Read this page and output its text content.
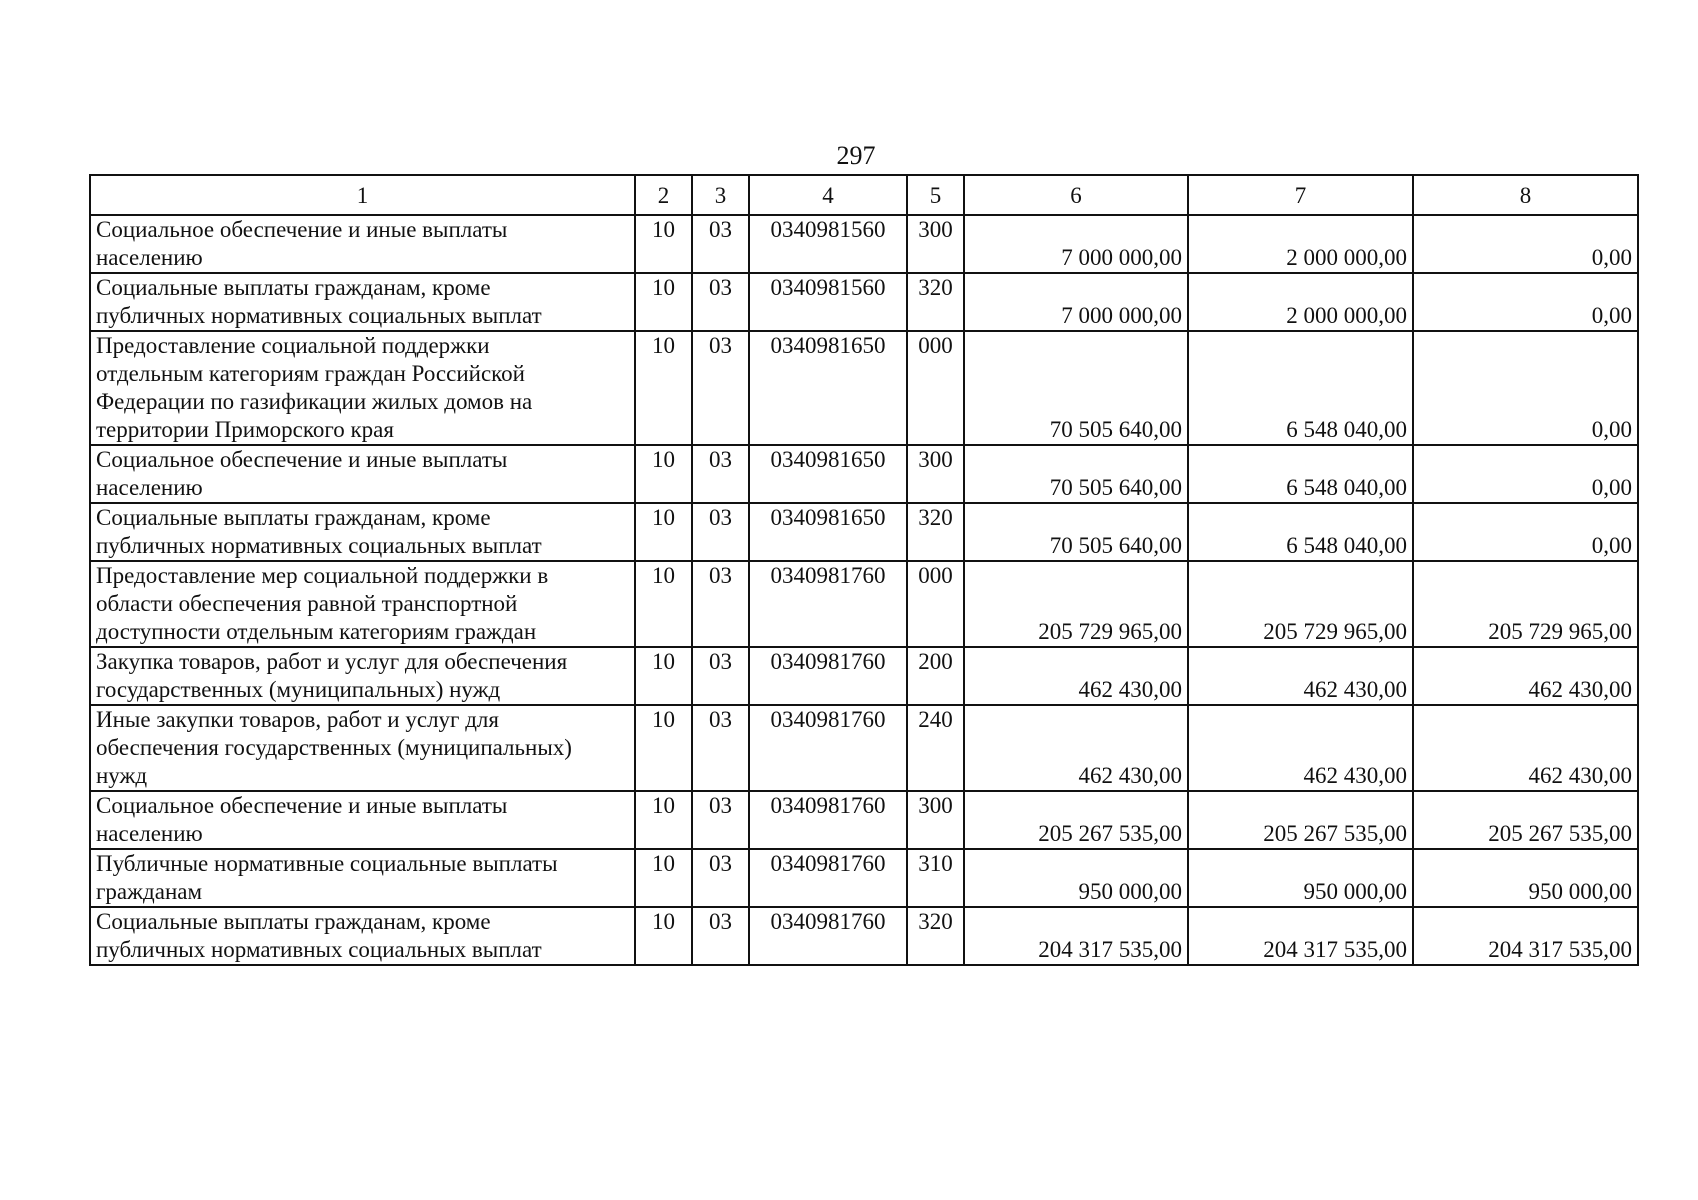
297
1	2	3	4	5	6	7	8

Социальное обеспечение и иные выплаты
населению	10	03	0340981560	300	7 000 000,00	2 000 000,00	0,00

Социальные выплаты гражданам, кроме
публичных нормативных социальных выплат	10	03	0340981560	320	7 000 000,00	2 000 000,00	0,00

Предоставление социальной поддержки
отдельным категориям граждан Российской
Федерации по газификации жилых домов на
территории Приморского края	10	03	0340981650	000	70 505 640,00	6 548 040,00	0,00

Социальное обеспечение и иные выплаты
населению	10	03	0340981650	300	70 505 640,00	6 548 040,00	0,00

Социальные выплаты гражданам, кроме
публичных нормативных социальных выплат	10	03	0340981650	320	70 505 640,00	6 548 040,00	0,00

Предоставление мер социальной поддержки в
области обеспечения равной транспортной
доступности отдельным категориям граждан	10	03	0340981760	000	205 729 965,00	205 729 965,00	205 729 965,00

Закупка товаров, работ и услуг для обеспечения
государственных (муниципальных) нужд	10	03	0340981760	200	462 430,00	462 430,00	462 430,00

Иные закупки товаров, работ и услуг для
обеспечения государственных (муниципальных)
нужд	10	03	0340981760	240	462 430,00	462 430,00	462 430,00

Социальное обеспечение и иные выплаты
населению	10	03	0340981760	300	205 267 535,00	205 267 535,00	205 267 535,00

Публичные нормативные социальные выплаты
гражданам	10	03	0340981760	310	950 000,00	950 000,00	950 000,00

Социальные выплаты гражданам, кроме
публичных нормативных социальных выплат	10	03	0340981760	320	204 317 535,00	204 317 535,00	204 317 535,00
